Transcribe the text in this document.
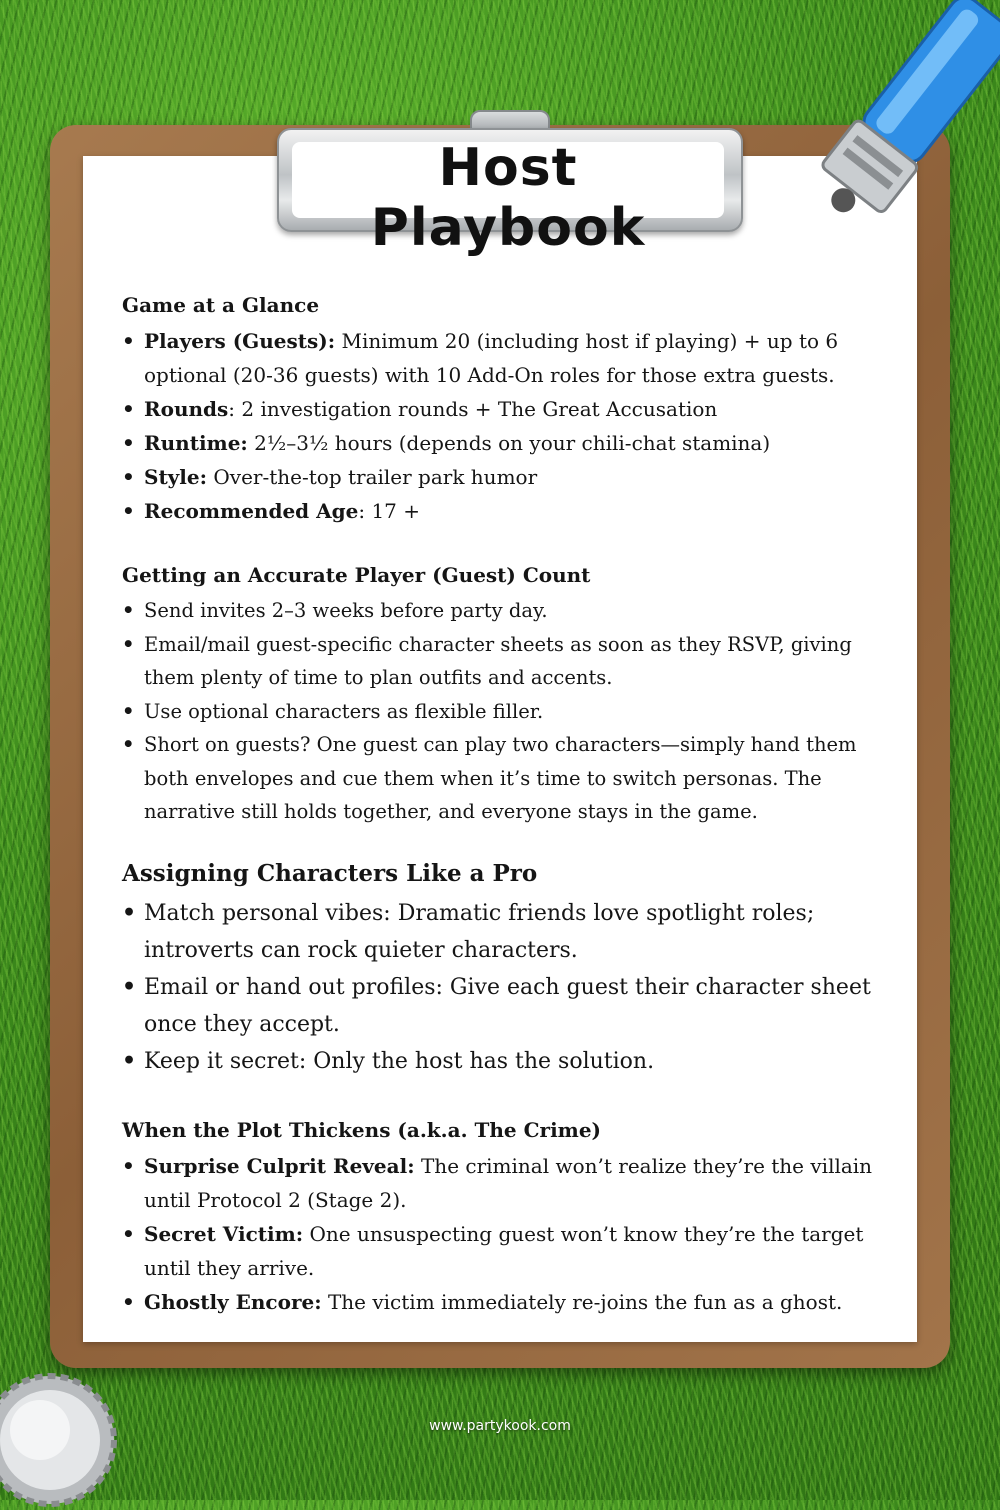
Host Playbook
Game at a Glance
• Players (Guests): Minimum 20 (including host if playing) + up to 6 optional (20-36 guests) with 10 Add-On roles for those extra guests.
• Rounds: 2 investigation rounds + The Great Accusation
• Runtime: 2½–3½ hours (depends on your chili-chat stamina)
• Style: Over-the-top trailer park humor
• Recommended Age: 17 +
Getting an Accurate Player (Guest) Count
• Send invites 2–3 weeks before party day.
• Email/mail guest-specific character sheets as soon as they RSVP, giving them plenty of time to plan outfits and accents.
• Use optional characters as flexible filler.
• Short on guests? One guest can play two characters—simply hand them both envelopes and cue them when it’s time to switch personas. The narrative still holds together, and everyone stays in the game.
Assigning Characters Like a Pro
• Match personal vibes: Dramatic friends love spotlight roles; introverts can rock quieter characters.
• Email or hand out profiles: Give each guest their character sheet once they accept.
• Keep it secret: Only the host has the solution.
When the Plot Thickens (a.k.a. The Crime)
• Surprise Culprit Reveal: The criminal won’t realize they’re the villain until Protocol 2 (Stage 2).
• Secret Victim: One unsuspecting guest won’t know they’re the target until they arrive.
• Ghostly Encore: The victim immediately re-joins the fun as a ghost.
www.partykook.com
